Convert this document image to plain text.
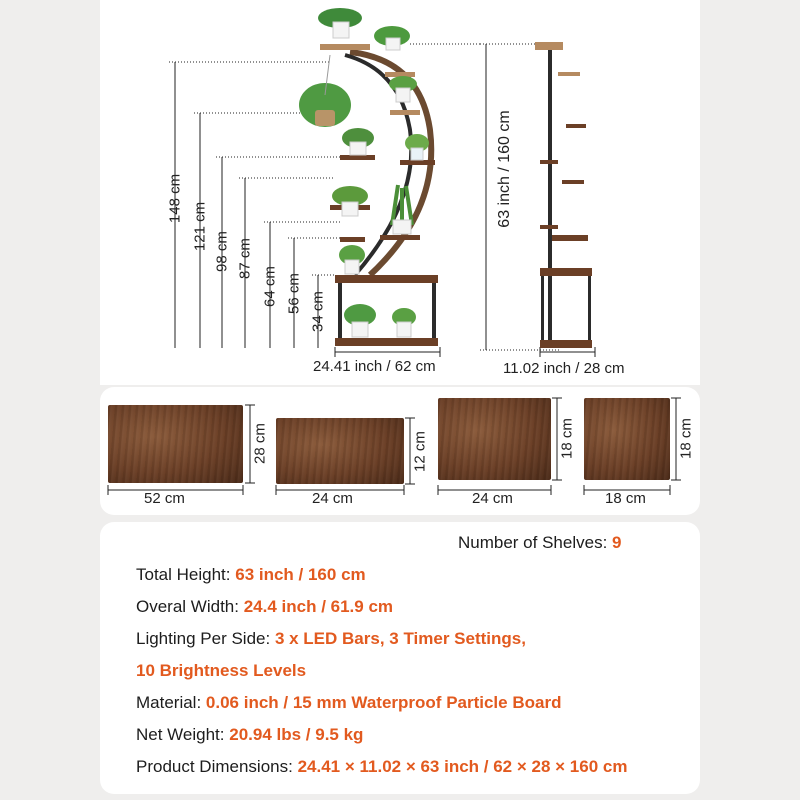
148 cm
121 cm
98 cm 87 cm
64 cm 56 cm 34 cm
63 inch / 160 cm
24.41 inch / 62 cm	11.02 inch / 28 cm
52 cm
28 cm
24 cm
12 cm
24 cm
18 cm
18 cm
18 cm
Number of Shelves: 9
Total Height: 63 inch / 160 cm
Overal Width: 24.4 inch / 61.9 cm
Lighting Per Side: 3 x LED Bars, 3 Timer Settings,
10 Brightness Levels
Material: 0.06 inch / 15 mm Waterproof Particle Board
Net Weight: 20.94 lbs / 9.5 kg
Product Dimensions: 24.41 × 11.02 × 63 inch / 62 × 28 × 160 cm
